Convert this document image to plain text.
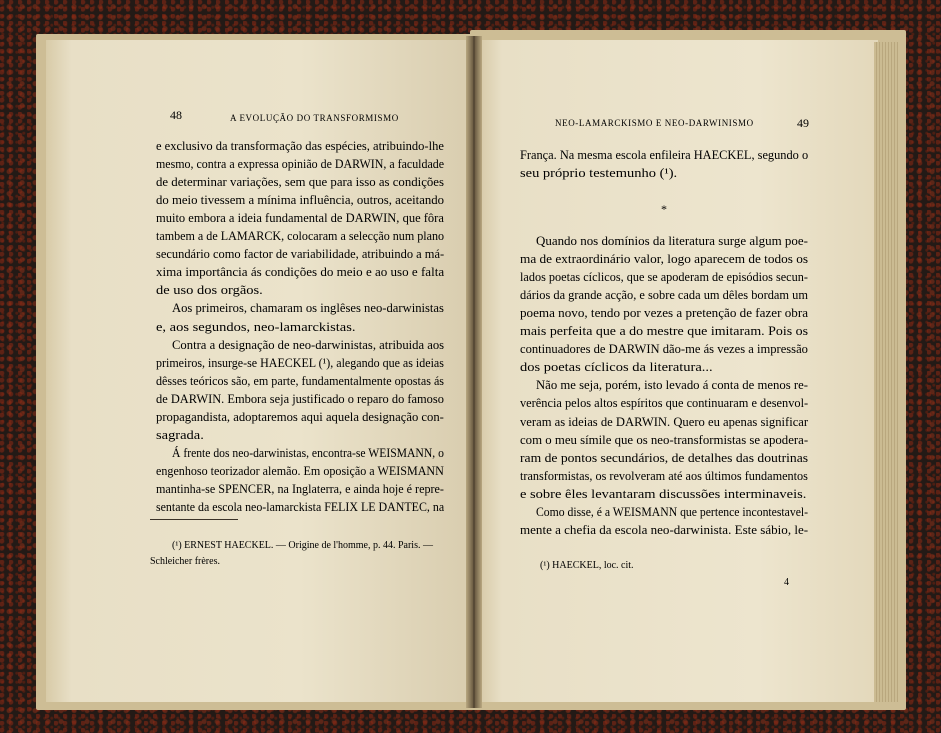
48	A EVOLUÇÃO DO TRANSFORMISMO
e exclusivo da transformação das espécies, atribuindo-lhe
mesmo, contra a expressa opinião de DARWIN, a faculdade
de determinar variações, sem que para isso as condições
do meio tivessem a mínima influência, outros, aceitando
muito embora a ideia fundamental de DARWIN, que fôra
tambem a de LAMARCK, colocaram a selecção num plano
secundário como factor de variabilidade, atribuindo a má-
xima importância ás condições do meio e ao uso e falta
de uso dos orgãos.
Aos primeiros, chamaram os inglêses neo-darwinistas
e, aos segundos, neo-lamarckistas.
Contra a designação de neo-darwinistas, atribuida aos
primeiros, insurge-se HAECKEL (¹), alegando que as ideias
dêsses teóricos são, em parte, fundamentalmente opostas ás
de DARWIN. Embora seja justificado o reparo do famoso
propagandista, adoptaremos aqui aquela designação con-
sagrada.
Á frente dos neo-darwinistas, encontra-se WEISMANN, o
engenhoso teorizador alemão. Em oposição a WEISMANN
mantinha-se SPENCER, na Inglaterra, e ainda hoje é repre-
sentante da escola neo-lamarckista FELIX LE DANTEC, na
(¹) ERNEST HAECKEL. — Origine de l'homme, p. 44. Paris. —
Schleicher frères.
NEO-LAMARCKISMO E NEO-DARWINISMO	49
França. Na mesma escola enfileira HAECKEL, segundo o
seu próprio testemunho (¹).
Quando nos domínios da literatura surge algum poe-
ma de extraordinário valor, logo aparecem de todos os
lados poetas cíclicos, que se apoderam de episódios secun-
dários da grande acção, e sobre cada um dêles bordam um
poema novo, tendo por vezes a pretenção de fazer obra
mais perfeita que a do mestre que imitaram. Pois os
continuadores de DARWIN dão-me ás vezes a impressão
dos poetas cíclicos da literatura...
Não me seja, porém, isto levado á conta de menos re-
verência pelos altos espíritos que continuaram e desenvol-
veram as ideias de DARWIN. Quero eu apenas significar
com o meu símile que os neo-transformistas se apodera-
ram de pontos secundários, de detalhes das doutrinas
transformistas, os revolveram até aos últimos fundamentos
e sobre êles levantaram discussões interminaveis.
Como disse, é a WEISMANN que pertence incontestavel-
mente a chefia da escola neo-darwinista. Este sábio, le-
*
(¹) HAECKEL, loc. cit.
4
